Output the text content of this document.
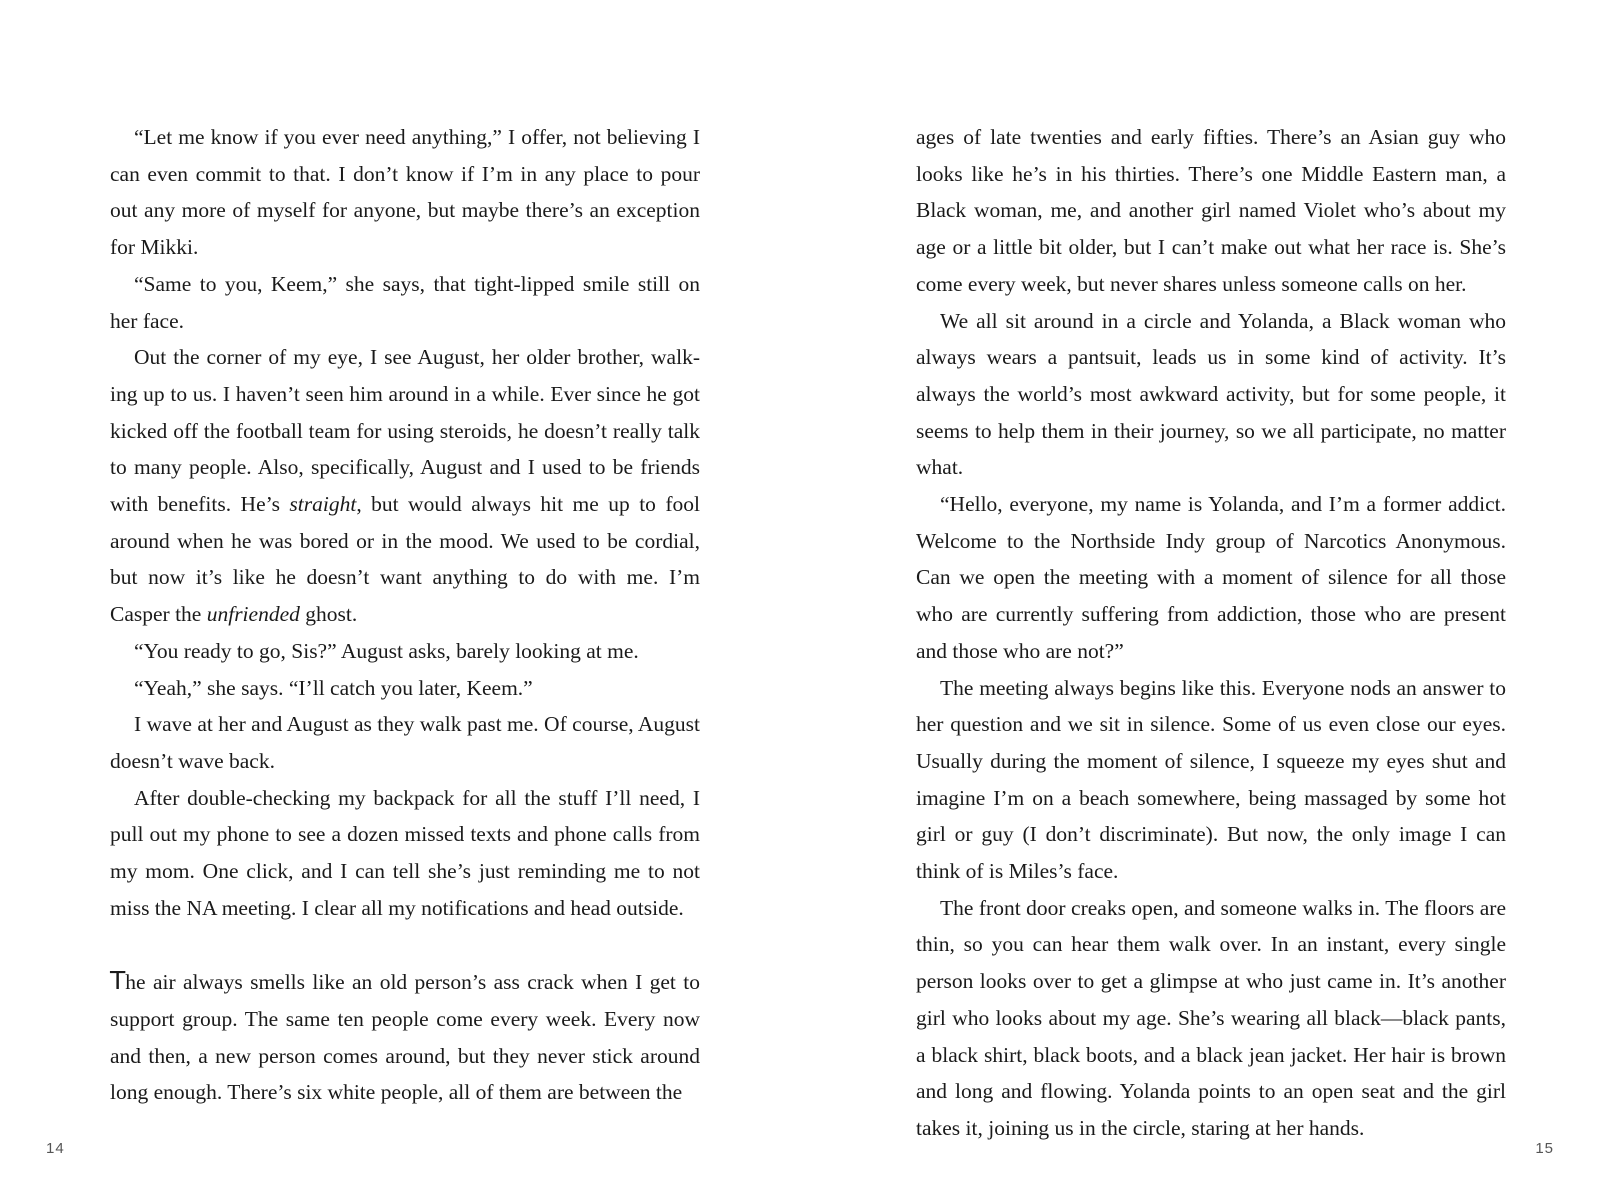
“Let me know if you ever need anything,” I offer, not believing I can even commit to that. I don’t know if I’m in any place to pour out any more of myself for anyone, but maybe there’s an exception for Mikki.

“Same to you, Keem,” she says, that tight-lipped smile still on her face.

Out the corner of my eye, I see August, her older brother, walking up to us. I haven’t seen him around in a while. Ever since he got kicked off the football team for using steroids, he doesn’t really talk to many people. Also, specifically, August and I used to be friends with benefits. He’s straight, but would always hit me up to fool around when he was bored or in the mood. We used to be cordial, but now it’s like he doesn’t want anything to do with me. I’m Casper the unfriended ghost.

“You ready to go, Sis?” August asks, barely looking at me.

“Yeah,” she says. “I’ll catch you later, Keem.”

I wave at her and August as they walk past me. Of course, August doesn’t wave back.

After double-checking my backpack for all the stuff I’ll need, I pull out my phone to see a dozen missed texts and phone calls from my mom. One click, and I can tell she’s just reminding me to not miss the NA meeting. I clear all my notifications and head outside.

The air always smells like an old person’s ass crack when I get to support group. The same ten people come every week. Every now and then, a new person comes around, but they never stick around long enough. There’s six white people, all of them are between the

14

ages of late twenties and early fifties. There’s an Asian guy who looks like he’s in his thirties. There’s one Middle Eastern man, a Black woman, me, and another girl named Violet who’s about my age or a little bit older, but I can’t make out what her race is. She’s come every week, but never shares unless someone calls on her.

We all sit around in a circle and Yolanda, a Black woman who always wears a pantsuit, leads us in some kind of activity. It’s always the world’s most awkward activity, but for some people, it seems to help them in their journey, so we all participate, no matter what.

“Hello, everyone, my name is Yolanda, and I’m a former addict. Welcome to the Northside Indy group of Narcotics Anonymous. Can we open the meeting with a moment of silence for all those who are currently suffering from addiction, those who are present and those who are not?”

The meeting always begins like this. Everyone nods an answer to her question and we sit in silence. Some of us even close our eyes. Usually during the moment of silence, I squeeze my eyes shut and imagine I’m on a beach somewhere, being massaged by some hot girl or guy (I don’t discriminate). But now, the only image I can think of is Miles’s face.

The front door creaks open, and someone walks in. The floors are thin, so you can hear them walk over. In an instant, every single person looks over to get a glimpse at who just came in. It’s another girl who looks about my age. She’s wearing all black—black pants, a black shirt, black boots, and a black jean jacket. Her hair is brown and long and flowing. Yolanda points to an open seat and the girl takes it, joining us in the circle, staring at her hands.

15
